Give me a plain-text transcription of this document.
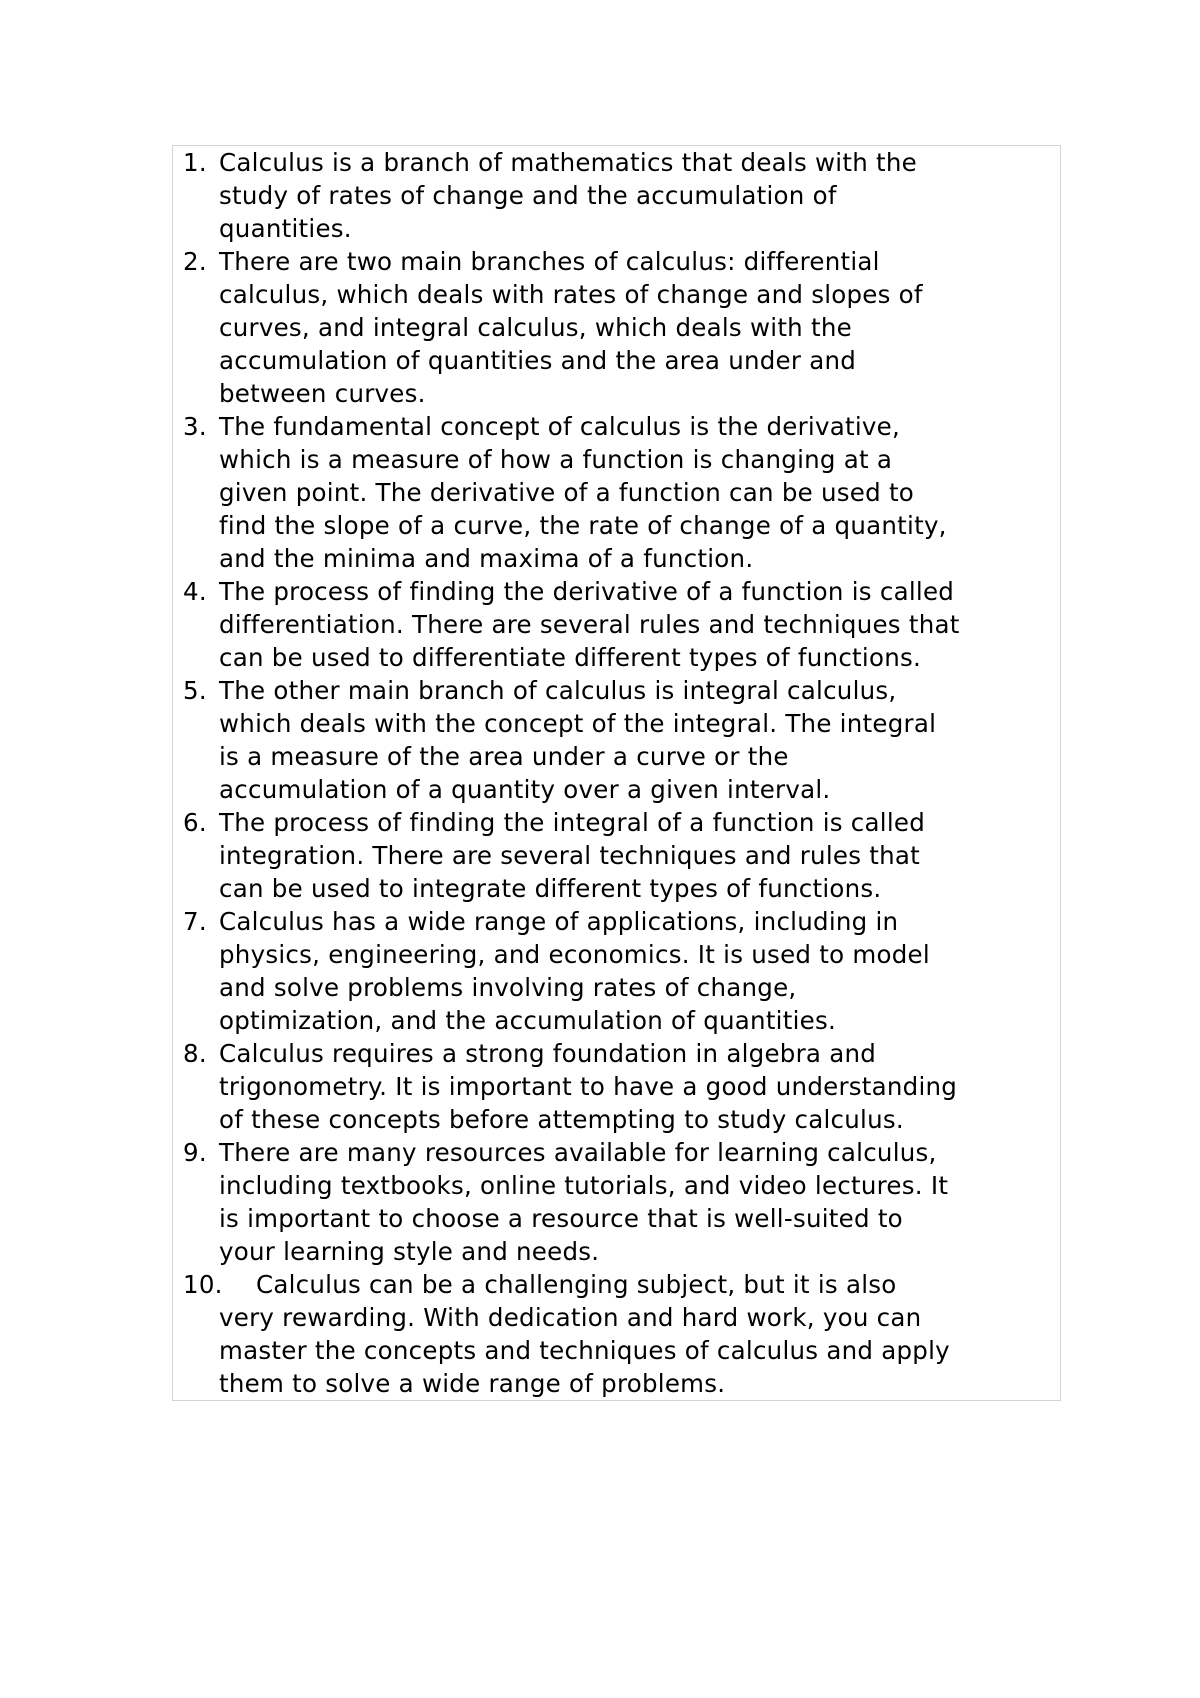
1. Calculus is a branch of mathematics that deals with the
study of rates of change and the accumulation of
quantities.
2. There are two main branches of calculus: differential
calculus, which deals with rates of change and slopes of
curves, and integral calculus, which deals with the
accumulation of quantities and the area under and
between curves.
3. The fundamental concept of calculus is the derivative,
which is a measure of how a function is changing at a
given point. The derivative of a function can be used to
find the slope of a curve, the rate of change of a quantity,
and the minima and maxima of a function.
4. The process of finding the derivative of a function is called
differentiation. There are several rules and techniques that
can be used to differentiate different types of functions.
5. The other main branch of calculus is integral calculus,
which deals with the concept of the integral. The integral
is a measure of the area under a curve or the
accumulation of a quantity over a given interval.
6. The process of finding the integral of a function is called
integration. There are several techniques and rules that
can be used to integrate different types of functions.
7. Calculus has a wide range of applications, including in
physics, engineering, and economics. It is used to model
and solve problems involving rates of change,
optimization, and the accumulation of quantities.
8. Calculus requires a strong foundation in algebra and
trigonometry. It is important to have a good understanding
of these concepts before attempting to study calculus.
9. There are many resources available for learning calculus,
including textbooks, online tutorials, and video lectures. It
is important to choose a resource that is well-suited to
your learning style and needs.
10. Calculus can be a challenging subject, but it is also
very rewarding. With dedication and hard work, you can
master the concepts and techniques of calculus and apply
them to solve a wide range of problems.
